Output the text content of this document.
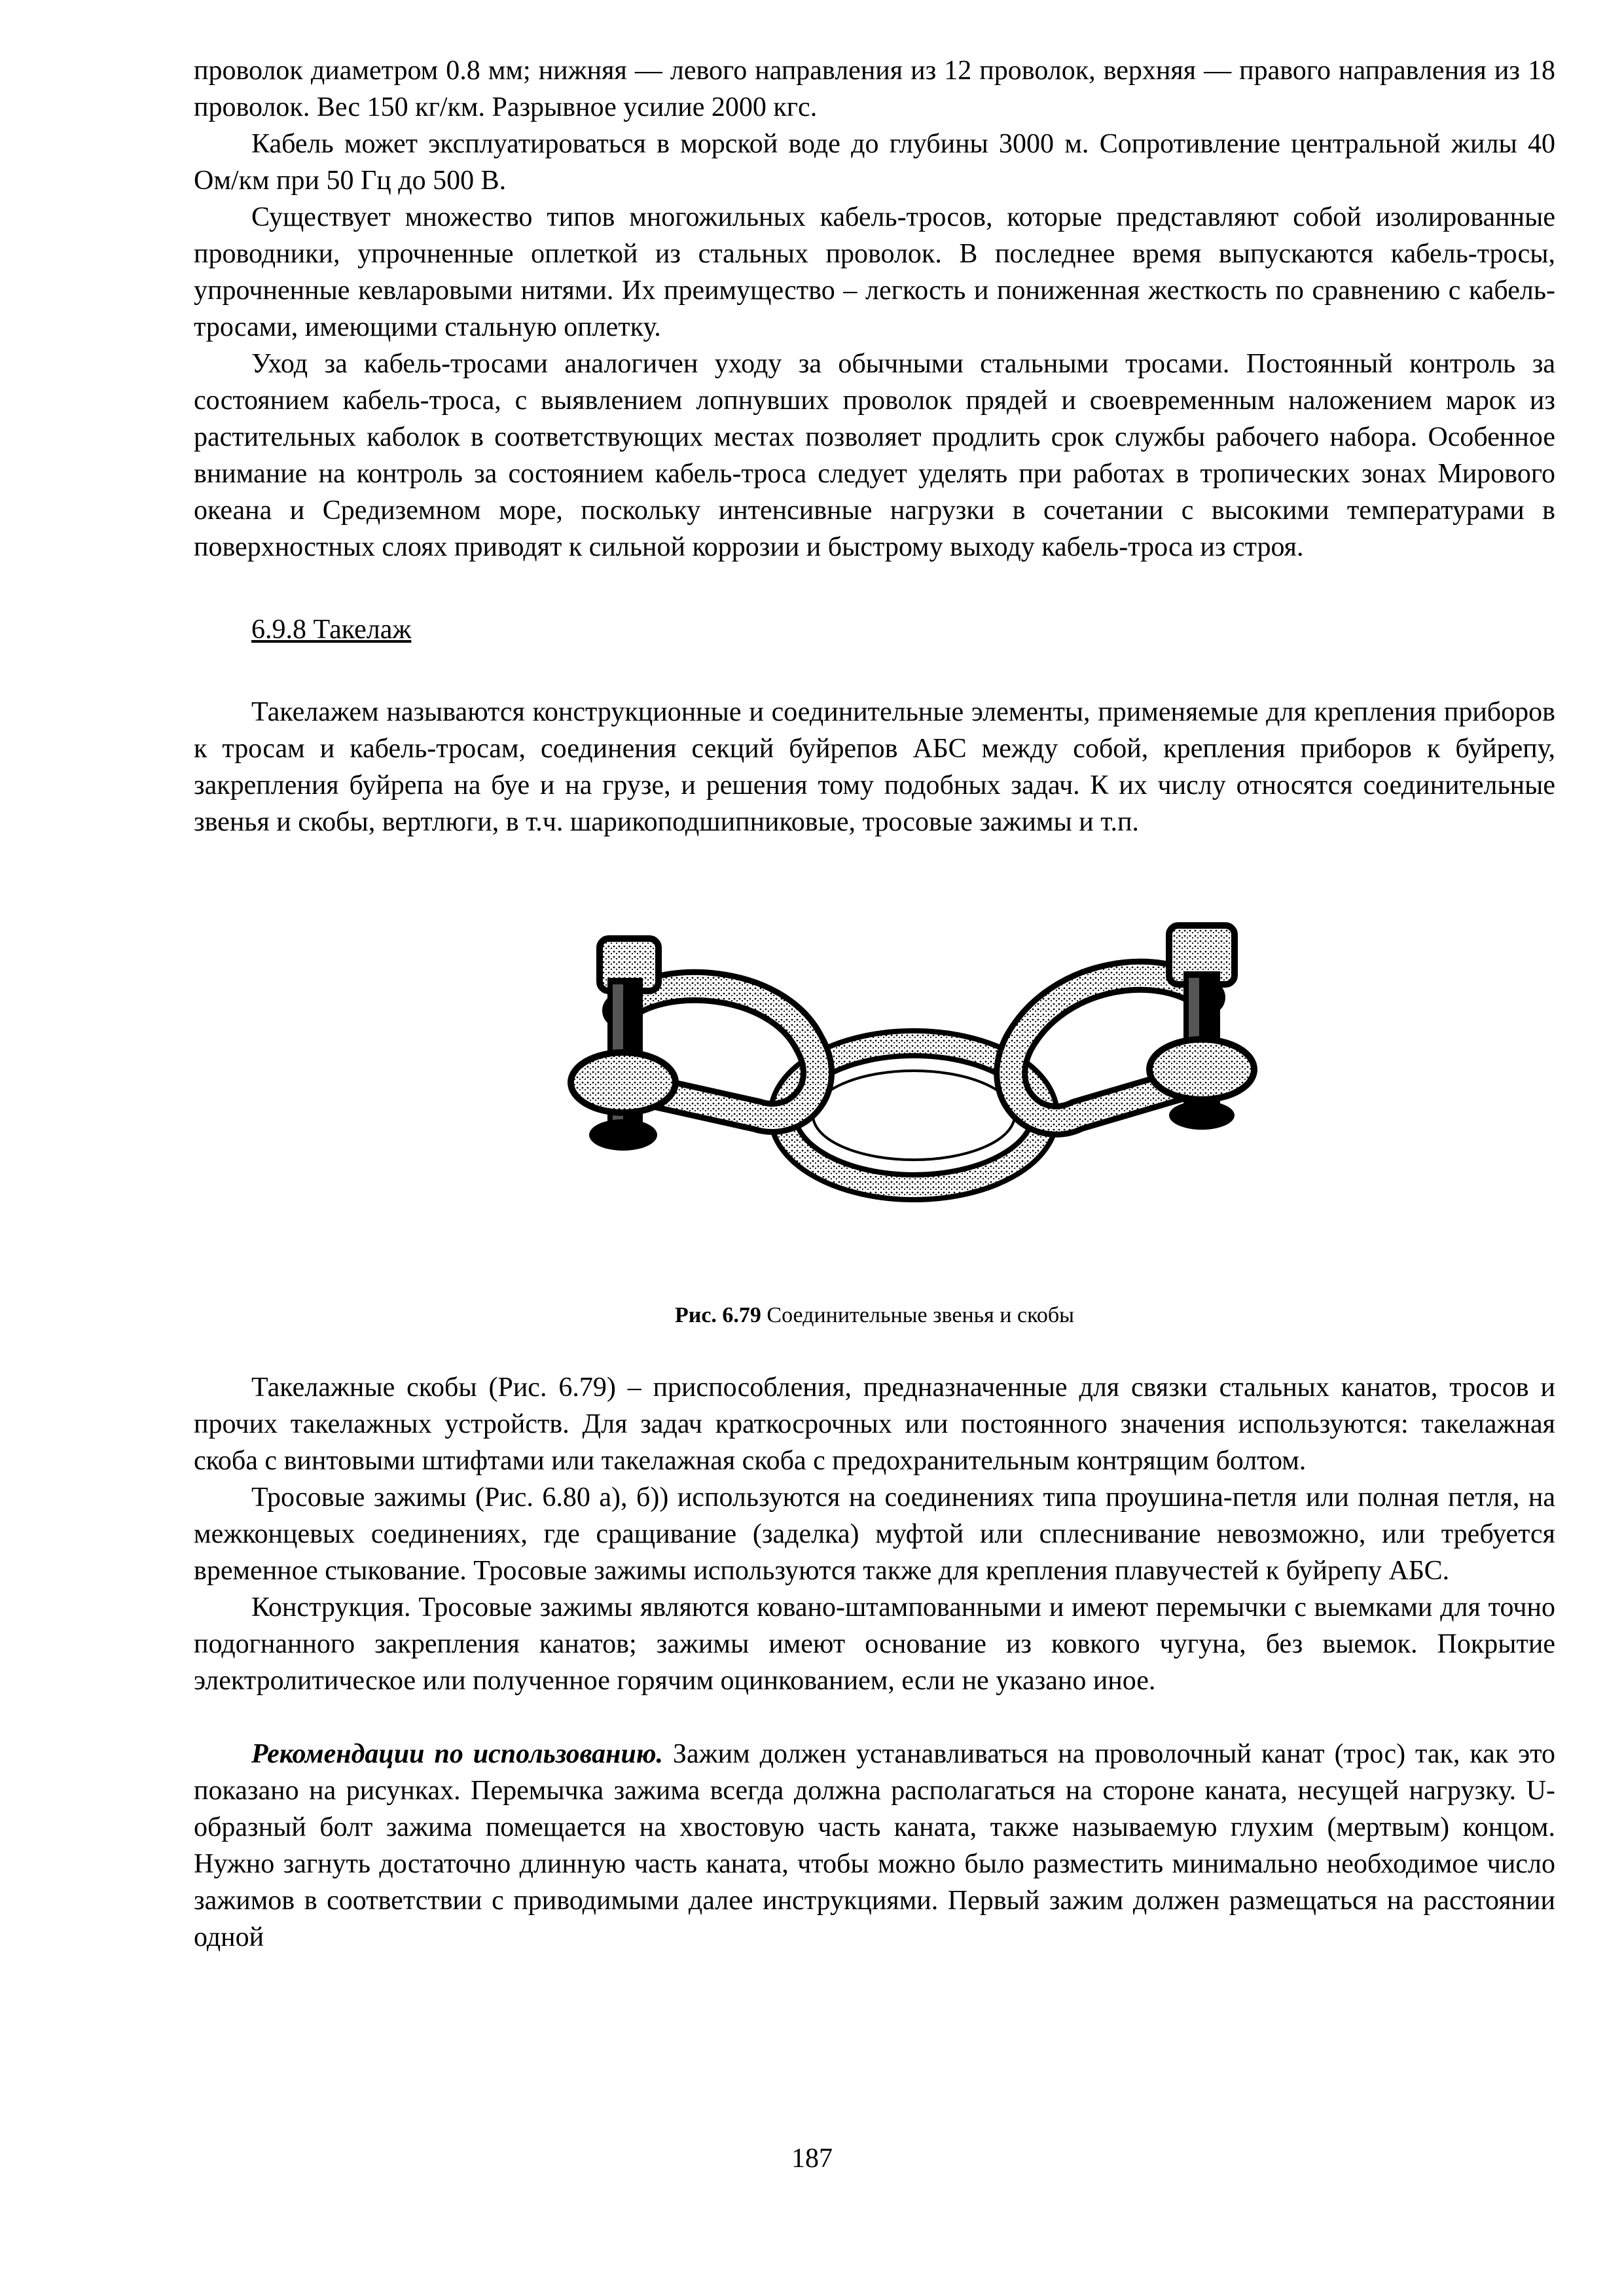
проволок диаметром 0.8 мм; нижняя — левого направления из 12 проволок, верхняя — правого направления из 18 проволок. Вес 150 кг/км. Разрывное усилие 2000 кгс.

Кабель может эксплуатироваться в морской воде до глубины 3000 м. Сопротивление центральной жилы 40 Ом/км при 50 Гц до 500 В.

Существует множество типов многожильных кабель-тросов, которые представляют собой изолированные проводники, упрочненные оплеткой из стальных проволок. В последнее время выпускаются кабель-тросы, упрочненные кевларовыми нитями. Их преимущество – легкость и пониженная жесткость по сравнению с кабель-тросами, имеющими стальную оплетку.

Уход за кабель-тросами аналогичен уходу за обычными стальными тросами. Постоянный контроль за состоянием кабель-троса, с выявлением лопнувших проволок прядей и своевременным наложением марок из растительных каболок в соответствующих местах позволяет продлить срок службы рабочего набора. Особенное внимание на контроль за состоянием кабель-троса следует уделять при работах в тропических зонах Мирового океана и Средиземном море, поскольку интенсивные нагрузки в сочетании с высокими температурами в поверхностных слоях приводят к сильной коррозии и быстрому выходу кабель-троса из строя.

6.9.8 Такелаж

Такелажем называются конструкционные и соединительные элементы, применяемые для крепления приборов к тросам и кабель-тросам, соединения секций буйрепов АБС между собой, крепления приборов к буйрепу, закрепления буйрепа на буе и на грузе, и решения тому подобных задач. К их числу относятся соединительные звенья и скобы, вертлюги, в т.ч. шарикоподшипниковые, тросовые зажимы и т.п.

Рис. 6.79 Соединительные звенья и скобы

Такелажные скобы (Рис. 6.79) – приспособления, предназначенные для связки стальных канатов, тросов и прочих такелажных устройств. Для задач краткосрочных или постоянного значения используются: такелажная скоба с винтовыми штифтами или такелажная скоба с предохранительным контрящим болтом.

Тросовые зажимы (Рис. 6.80 а), б)) используются на соединениях типа проушина-петля или полная петля, на межконцевых соединениях, где сращивание (заделка) муфтой или сплеснивание невозможно, или требуется временное стыкование. Тросовые зажимы используются также для крепления плавучестей к буйрепу АБС.

Конструкция. Тросовые зажимы являются ковано-штампованными и имеют перемычки с выемками для точно подогнанного закрепления канатов; зажимы имеют основание из ковкого чугуна, без выемок. Покрытие электролитическое или полученное горячим оцинкованием, если не указано иное.

Рекомендации по использованию. Зажим должен устанавливаться на проволочный канат (трос) так, как это показано на рисунках. Перемычка зажима всегда должна располагаться на стороне каната, несущей нагрузку. U-образный болт зажима помещается на хвостовую часть каната, также называемую глухим (мертвым) концом. Нужно загнуть достаточно длинную часть каната, чтобы можно было разместить минимально необходимое число зажимов в соответствии с приводимыми далее инструкциями. Первый зажим должен размещаться на расстоянии одной

187
